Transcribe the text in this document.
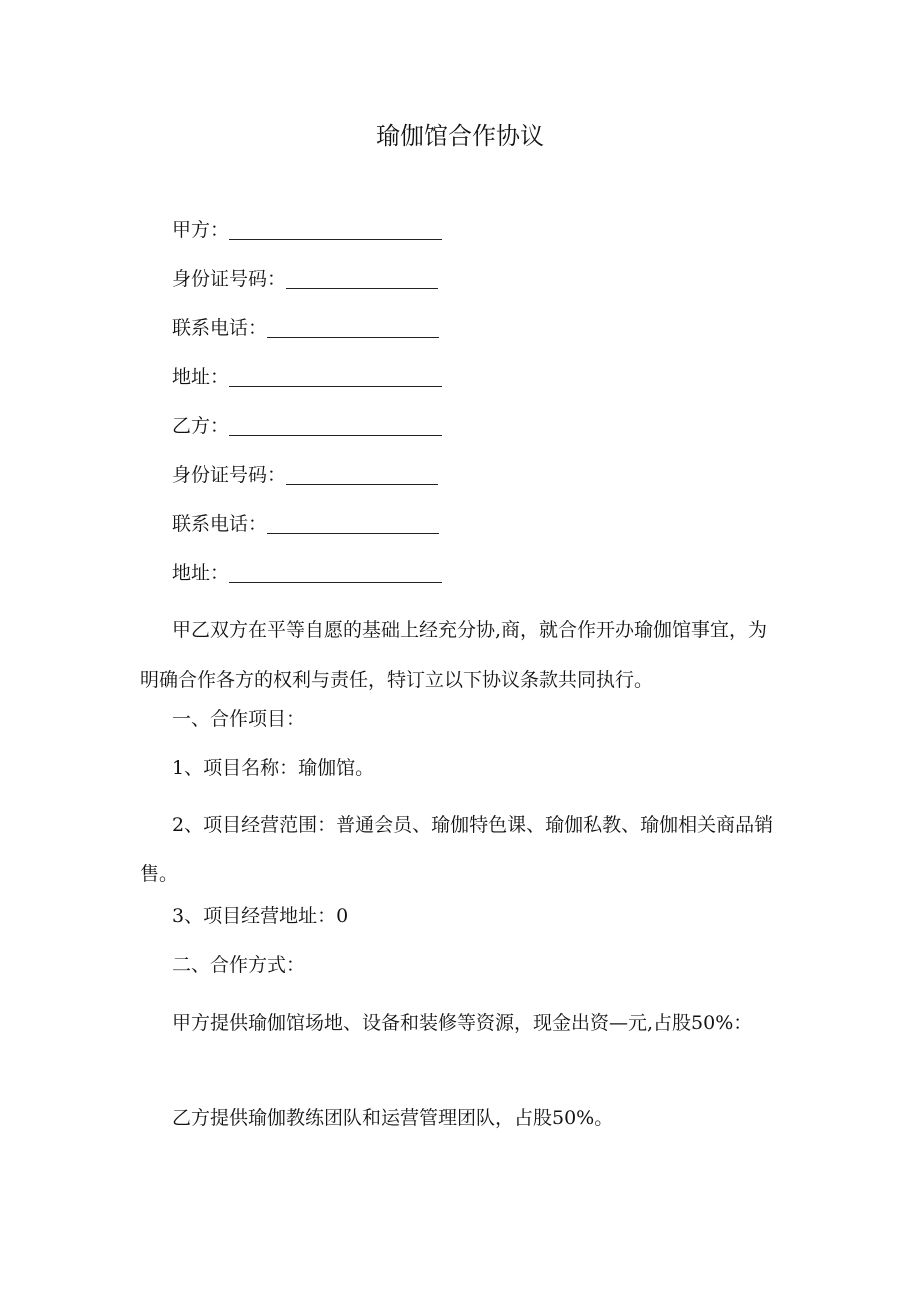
瑜伽馆合作协议
甲方：
身份证号码：
联系电话：
地址：
乙方：
身份证号码：
联系电话：
地址：
甲乙双方在平等自愿的基础上经充分协,商，就合作开办瑜伽馆事宜，为明确合作各方的权利与责任，特订立以下协议条款共同执行。
一、合作项目：
1、项目名称：瑜伽馆。
2、项目经营范围：普通会员、瑜伽特色课、瑜伽私教、瑜伽相关商品销售。
3、项目经营地址：0
二、合作方式：
甲方提供瑜伽馆场地、设备和装修等资源，现金出资—元,占股50%：
乙方提供瑜伽教练团队和运营管理团队，占股50%。
